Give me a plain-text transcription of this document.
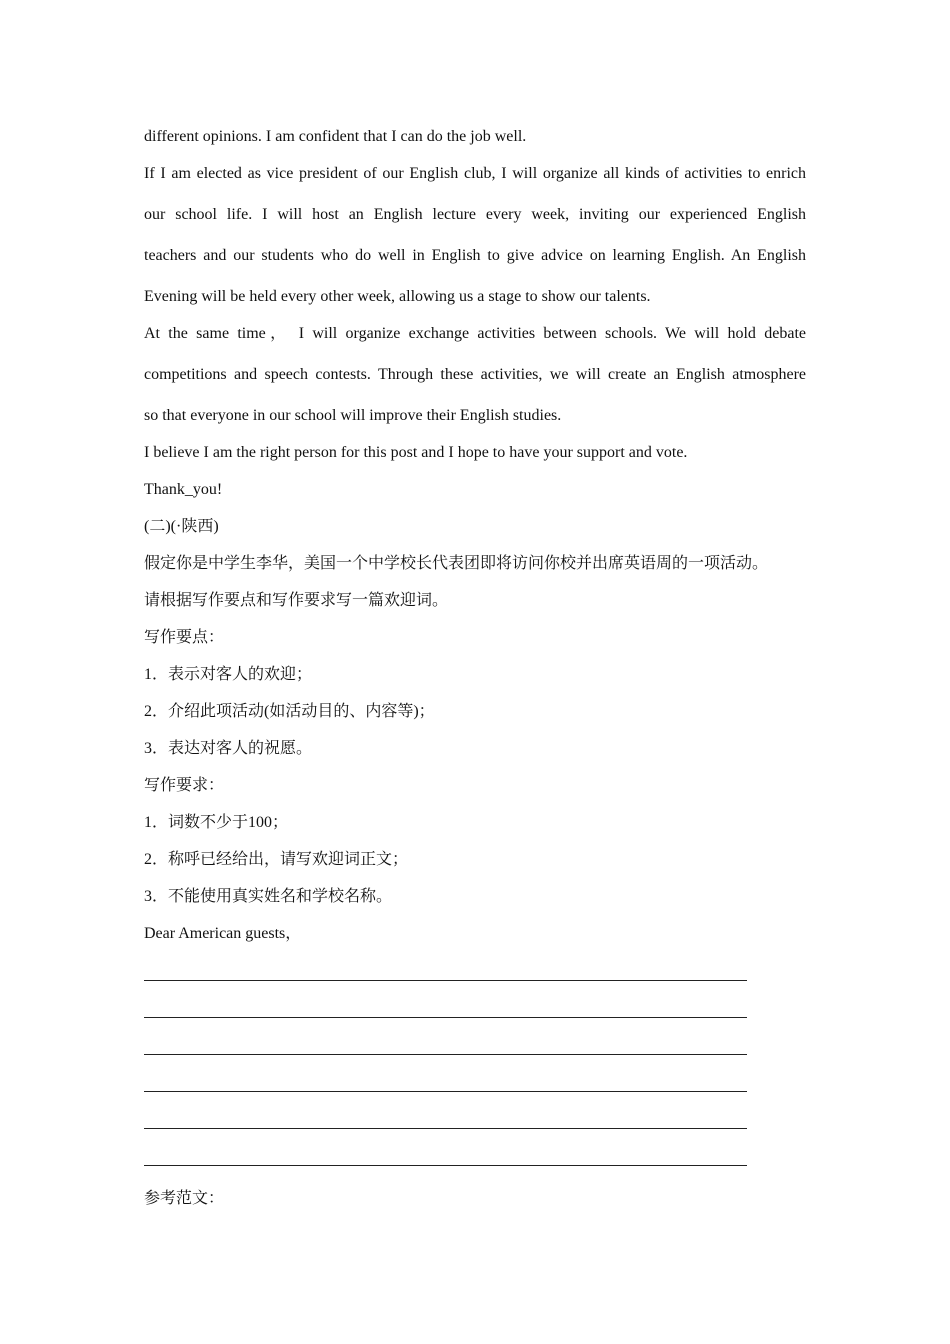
different opinions. I am confident that I can do the job well.

If I am elected as vice president of our English club, I will organize all kinds of activities to enrich

our school life. I will host an English lecture every week, inviting our experienced English

teachers and our students who do well in English to give advice on learning English. An English

Evening will be held every other week, allowing us a stage to show our talents.

At the same time， I will organize exchange activities between schools. We will hold debate

competitions and speech contests. Through these activities, we will create an English atmosphere

so that everyone in our school will improve their English studies.

I believe I am the right person for this post and I hope to have your support and vote.

Thank_you!

(二)(·陕西)

假定你是中学生李华，美国一个中学校长代表团即将访问你校并出席英语周的一项活动。

请根据写作要点和写作要求写一篇欢迎词。

写作要点：

1．表示对客人的欢迎；

2．介绍此项活动(如活动目的、内容等)；

3．表达对客人的祝愿。

写作要求：

1．词数不少于100；

2．称呼已经给出，请写欢迎词正文；

3．不能使用真实姓名和学校名称。

Dear American guests，

参考范文：
